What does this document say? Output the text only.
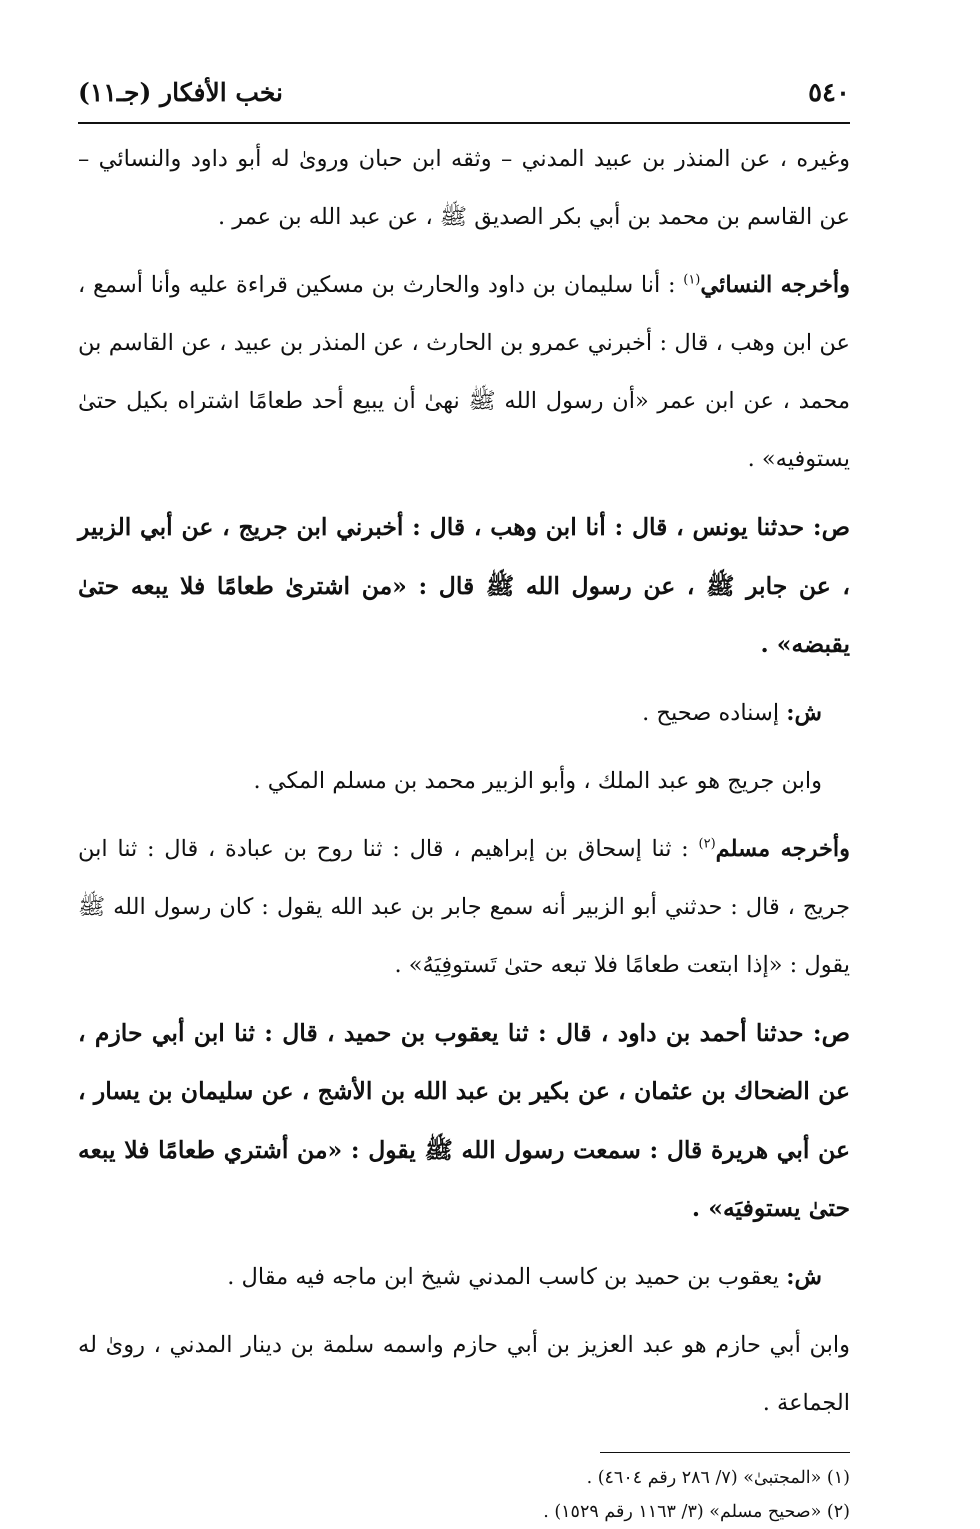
٥٤٠
نخب الأفكار (جـ١١)

وغيره ، عن المنذر بن عبيد المدني – وثقه ابن حبان وروىٰ له أبو داود والنسائي – عن القاسم بن محمد بن أبي بكر الصديق ﷺ ، عن عبد الله بن عمر .

وأخرجه النسائي$^{(١)}$ : أنا سليمان بن داود والحارث بن مسكين قراءة عليه وأنا أسمع ، عن ابن وهب ، قال : أخبرني عمرو بن الحارث ، عن المنذر بن عبيد ، عن القاسم بن محمد ، عن ابن عمر «أن رسول الله ﷺ نهىٰ أن يبيع أحد طعامًا اشتراه بكيل حتىٰ يستوفيه» .

ص: حدثنا يونس ، قال : أنا ابن وهب ، قال : أخبرني ابن جريج ، عن أبي الزبير ، عن جابر ﷺ ، عن رسول الله ﷺ قال : «من اشترىٰ طعامًا فلا يبعه حتىٰ يقبضه» .

ش: إسناده صحيح .

وابن جريج هو عبد الملك ، وأبو الزبير محمد بن مسلم المكي .

وأخرجه مسلم$^{(٢)}$ : ثنا إسحاق بن إبراهيم ، قال : ثنا روح بن عبادة ، قال : ثنا ابن جريج ، قال : حدثني أبو الزبير أنه سمع جابر بن عبد الله يقول : كان رسول الله ﷺ يقول : «إذا ابتعت طعامًا فلا تبعه حتىٰ تَستوفِيَهُ» .

ص: حدثنا أحمد بن داود ، قال : ثنا يعقوب بن حميد ، قال : ثنا ابن أبي حازم ، عن الضحاك بن عثمان ، عن بكير بن عبد الله بن الأشج ، عن سليمان بن يسار ، عن أبي هريرة قال : سمعت رسول الله ﷺ يقول : «من أشتري طعامًا فلا يبعه حتىٰ يستوفيَه» .

ش: يعقوب بن حميد بن كاسب المدني شيخ ابن ماجه فيه مقال .

وابن أبي حازم هو عبد العزيز بن أبي حازم واسمه سلمة بن دينار المدني ، روىٰ له الجماعة .

(١) «المجتبىٰ» (٧/ ٢٨٦ رقم ٤٦٠٤) .
(٢) «صحيح مسلم» (٣/ ١١٦٣ رقم ١٥٢٩) .
